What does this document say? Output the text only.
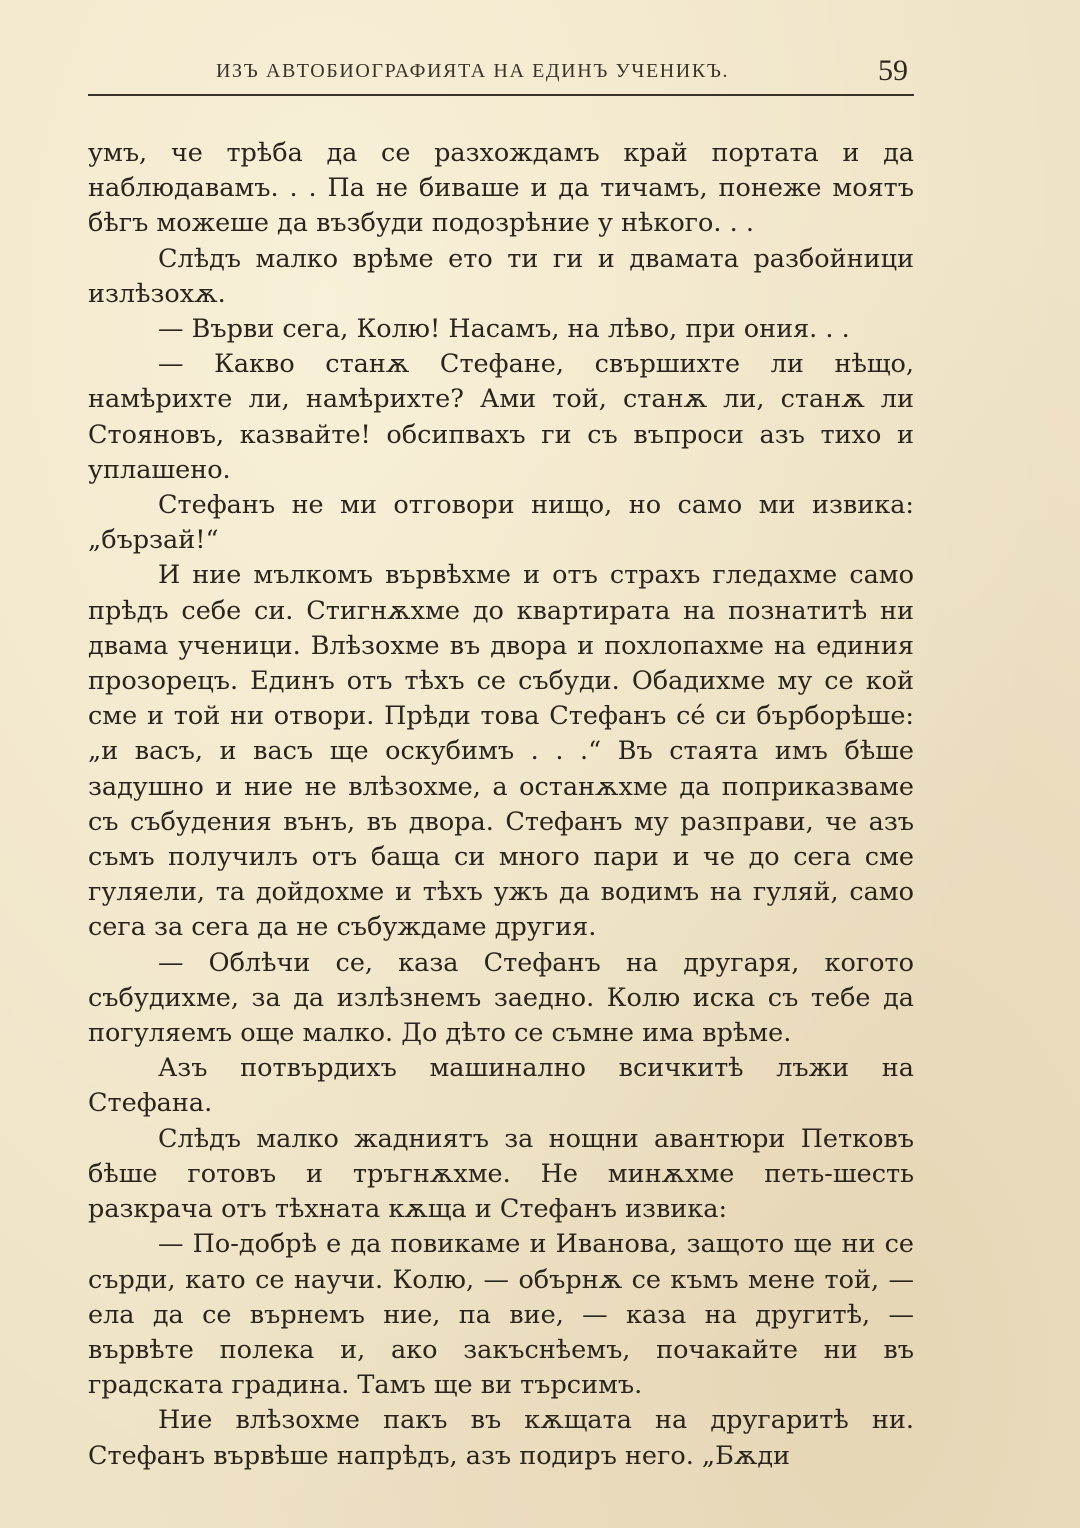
ИЗЪ АВТОБИОГРАФИЯТА НА ЕДИНЪ УЧЕНИКЪ.	59

умъ, че трѣба да се разхождамъ край портата и да наблюдавамъ. . . Па не биваше и да тичамъ, понеже моятъ бѣгъ можеше да възбуди подозрѣние у нѣкого. . .

Слѣдъ малко врѣме ето ти ги и двамата разбойници излѣзохѫ.

— Върви сега, Колю! Насамъ, на лѣво, при ония. . .

— Какво станѫ Стефане, свършихте ли нѣщо, намѣрихте ли, намѣрихте? Ами той, станѫ ли, станѫ ли Стояновъ, казвайте! обсипвахъ ги съ въпроси азъ тихо и уплашено.

Стефанъ не ми отговори нищо, но само ми извика: „бързай!“

И ние мълкомъ вървѣхме и отъ страхъ гледахме само прѣдъ себе си. Стигнѫхме до квартирата на познатитѣ ни двама ученици. Влѣзохме въ двора и похлопахме на единия прозорецъ. Единъ отъ тѣхъ се събуди. Обадихме му се кой сме и той ни отвори. Прѣди това Стефанъ се́ си бърборѣше: „и васъ, и васъ ще оскубимъ . . .“ Въ стаята имъ бѣше задушно и ние не влѣзохме, а останѫхме да поприказваме съ събудения вънъ, въ двора. Стефанъ му разправи, че азъ съмъ получилъ отъ баща си много пари и че до сега сме гуляели, та дойдохме и тѣхъ ужъ да водимъ на гуляй, само сега за сега да не събуждаме другия.

— Облѣчи се, каза Стефанъ на другаря, когото събудихме, за да излѣзнемъ заедно. Колю иска съ тебе да погуляемъ още малко. До дѣто се съмне има врѣме.

Азъ потвърдихъ машинално всичкитѣ лъжи на Стефана.

Слѣдъ малко жадниятъ за нощни авантюри Петковъ бѣше готовъ и тръгнѫхме. Не минѫхме петь-шесть разкрача отъ тѣхната кѫща и Стефанъ извика:

— По-добрѣ е да повикаме и Иванова, защото ще ни се сърди, като се научи. Колю, — обърнѫ се къмъ мене той, — ела да се върнемъ ние, па вие, — каза на другитѣ, — вървѣте полека и, ако закъснѣемъ, почакайте ни въ градската градина. Тамъ ще ви търсимъ.

Ние влѣзохме пакъ въ кѫщата на другаритѣ ни. Стефанъ вървѣше напрѣдъ, азъ подиръ него. „Бѫди
